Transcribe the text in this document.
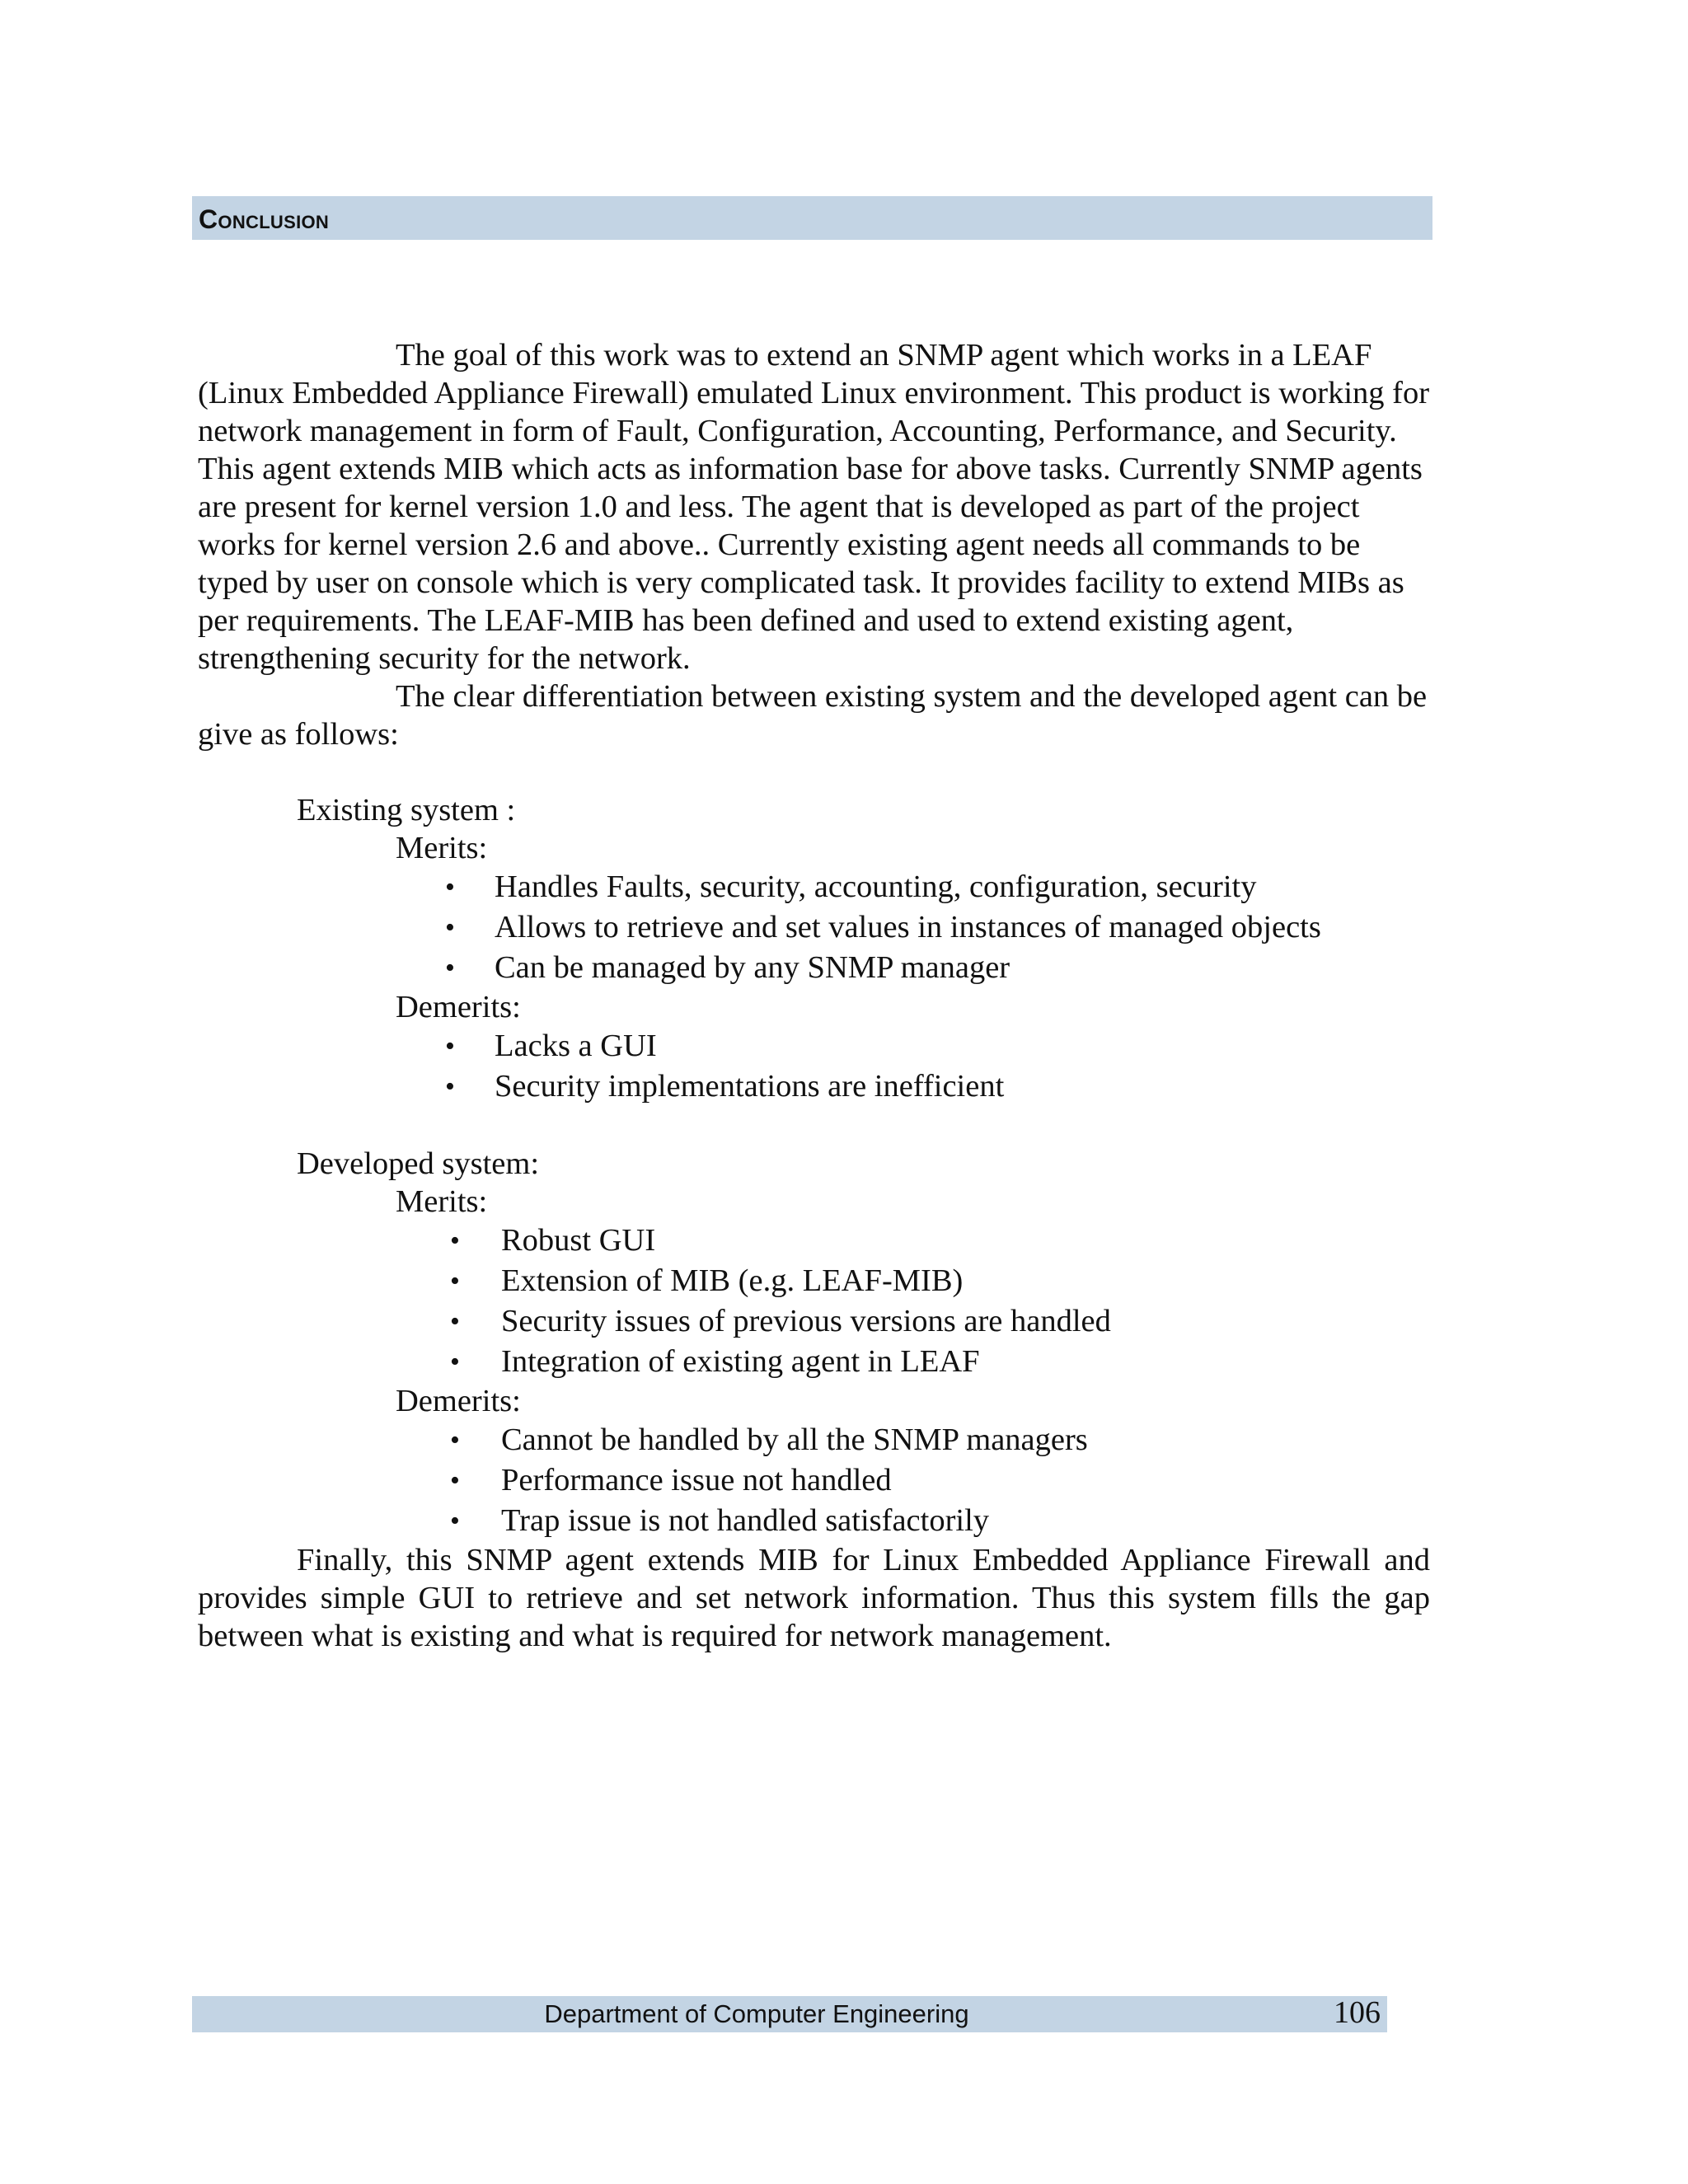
Conclusion

The goal of this work was to extend an SNMP agent which works in a LEAF (Linux Embedded Appliance Firewall) emulated Linux environment. This product is working for network management in form of Fault, Configuration, Accounting, Performance, and Security. This agent extends MIB which acts as information base for above tasks. Currently SNMP agents are present for kernel version 1.0 and less. The agent that is developed as part of the project works for kernel version 2.6 and above.. Currently existing agent needs all commands to be typed by user on console which is very complicated task. It provides facility to extend MIBs as per requirements. The LEAF-MIB has been defined and used to extend existing agent, strengthening security for the network.

The clear differentiation between existing system and the developed agent can be give as follows:

Existing system :

Merits:

• Handles Faults, security, accounting, configuration, security
• Allows to retrieve and set values in instances of managed objects
• Can be managed by any SNMP manager

Demerits:

• Lacks a GUI
• Security implementations are inefficient

Developed system:

Merits:

• Robust GUI
• Extension of MIB (e.g. LEAF-MIB)
• Security issues of previous versions are handled
• Integration of existing agent in LEAF

Demerits:

• Cannot be handled by all the SNMP managers
• Performance issue not handled
• Trap issue is not handled satisfactorily

Finally, this SNMP agent extends MIB for Linux Embedded Appliance Firewall and provides simple GUI to retrieve and set network information. Thus this system fills the gap between what is existing and what is required for network management.

Department of Computer Engineering	106
